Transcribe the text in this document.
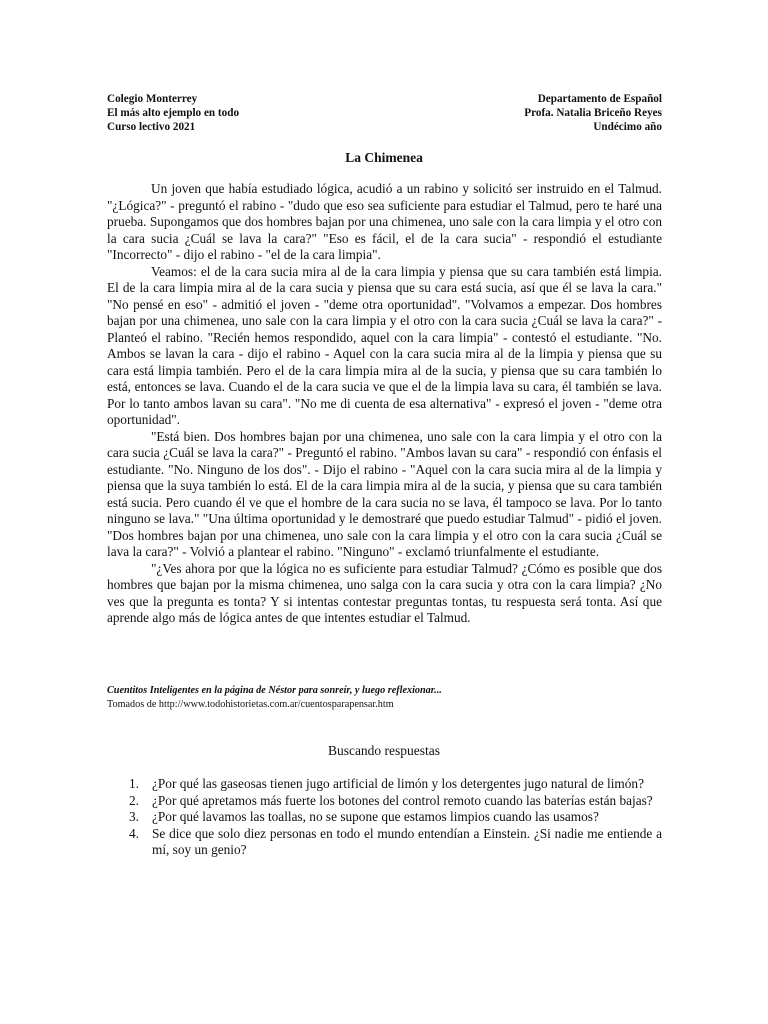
Colegio Monterrey
El más alto ejemplo en todo
Curso lectivo 2021
Departamento de Español
Profa. Natalia Briceño Reyes
Undécimo año
La Chimenea

Un joven que había estudiado lógica, acudió a un rabino y solicitó ser instruido en el Talmud. "¿Lógica?" - preguntó el rabino - "dudo que eso sea suficiente para estudiar el Talmud, pero te haré una prueba. Supongamos que dos hombres bajan por una chimenea, uno sale con la cara limpia y el otro con la cara sucia ¿Cuál se lava la cara?" "Eso es fácil, el de la cara sucia" - respondió el estudiante "Incorrecto" - dijo el rabino - "el de la cara limpia".

Veamos: el de la cara sucia mira al de la cara limpia y piensa que su cara también está limpia. El de la cara limpia mira al de la cara sucia y piensa que su cara está sucia, así que él se lava la cara." "No pensé en eso" - admitió el joven - "deme otra oportunidad". "Volvamos a empezar. Dos hombres bajan por una chimenea, uno sale con la cara limpia y el otro con la cara sucia ¿Cuál se lava la cara?" - Planteó el rabino. "Recién hemos respondido, aquel con la cara limpia" - contestó el estudiante. "No. Ambos se lavan la cara - dijo el rabino - Aquel con la cara sucia mira al de la limpia y piensa que su cara está limpia también. Pero el de la cara limpia mira al de la sucia, y piensa que su cara también lo está, entonces se lava. Cuando el de la cara sucia ve que el de la limpia lava su cara, él también se lava. Por lo tanto ambos lavan su cara". "No me di cuenta de esa alternativa" - expresó el joven - "deme otra oportunidad".

"Está bien. Dos hombres bajan por una chimenea, uno sale con la cara limpia y el otro con la cara sucia ¿Cuál se lava la cara?" - Preguntó el rabino. "Ambos lavan su cara" - respondió con énfasis el estudiante. "No. Ninguno de los dos". - Dijo el rabino - "Aquel con la cara sucia mira al de la limpia y piensa que la suya también lo está. El de la cara limpia mira al de la sucia, y piensa que su cara también está sucia. Pero cuando él ve que el hombre de la cara sucia no se lava, él tampoco se lava. Por lo tanto ninguno se lava." "Una última oportunidad y le demostraré que puedo estudiar Talmud" - pidió el joven. "Dos hombres bajan por una chimenea, uno sale con la cara limpia y el otro con la cara sucia ¿Cuál se lava la cara?" - Volvió a plantear el rabino. "Ninguno" - exclamó triunfalmente el estudiante.

"¿Ves ahora por que la lógica no es suficiente para estudiar Talmud? ¿Cómo es posible que dos hombres que bajan por la misma chimenea, uno salga con la cara sucia y otra con la cara limpia? ¿No ves que la pregunta es tonta? Y si intentas contestar preguntas tontas, tu respuesta será tonta. Así que aprende algo más de lógica antes de que intentes estudiar el Talmud.

Cuentitos Inteligentes en la página de Néstor para sonreír, y luego reflexionar...
Tomados de http://www.todohistorietas.com.ar/cuentosparapensar.htm
Buscando respuestas
1. ¿Por qué las gaseosas tienen jugo artificial de limón y los detergentes jugo natural de limón?
2. ¿Por qué apretamos más fuerte los botones del control remoto cuando las baterías están bajas?
3. ¿Por qué lavamos las toallas, no se supone que estamos limpios cuando las usamos?
4. Se dice que solo diez personas en todo el mundo entendían a Einstein. ¿Si nadie me entiende a mí, soy un genio?
